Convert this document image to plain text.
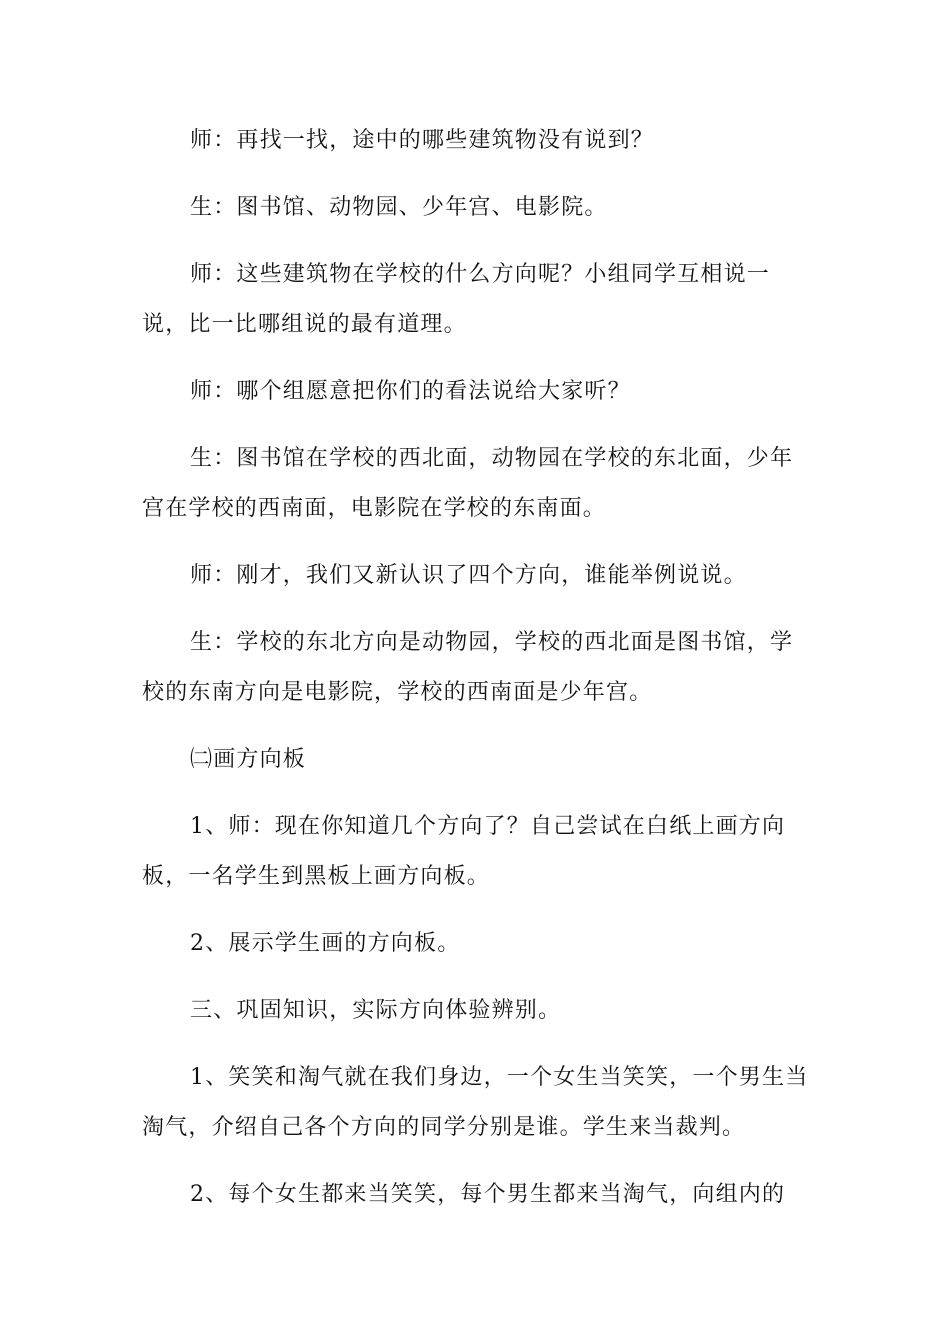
师：再找一找，途中的哪些建筑物没有说到？

生：图书馆、动物园、少年宫、电影院。

师：这些建筑物在学校的什么方向呢？小组同学互相说一说，比一比哪组说的最有道理。

师：哪个组愿意把你们的看法说给大家听？

生：图书馆在学校的西北面，动物园在学校的东北面，少年宫在学校的西南面，电影院在学校的东南面。

师：刚才，我们又新认识了四个方向，谁能举例说说。

生：学校的东北方向是动物园，学校的西北面是图书馆，学校的东南方向是电影院，学校的西南面是少年宫。

㈡画方向板

1、师：现在你知道几个方向了？自己尝试在白纸上画方向板，一名学生到黑板上画方向板。

2、展示学生画的方向板。

三、巩固知识，实际方向体验辨别。

1、笑笑和淘气就在我们身边，一个女生当笑笑，一个男生当淘气，介绍自己各个方向的同学分别是谁。学生来当裁判。

2、每个女生都来当笑笑，每个男生都来当淘气，向组内的
